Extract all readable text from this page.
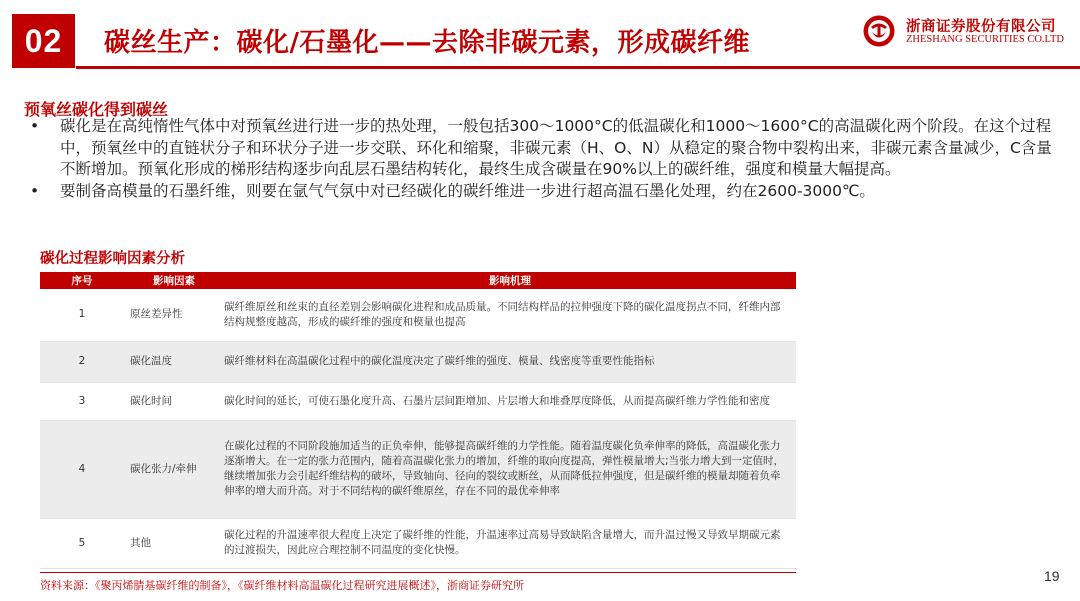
02	碳丝生产：碳化/石墨化——去除非碳元素，形成碳纤维
浙商证券股份有限公司
ZHESHANG SECURITIES CO.LTD
预氧丝碳化得到碳丝
• 碳化是在高纯惰性气体中对预氧丝进行进一步的热处理，一般包括300～1000°C的低温碳化和1000～1600°C的高温碳化两个阶段。在这个过程中，预氧丝中的直链状分子和环状分子进一步交联、环化和缩聚，非碳元素（H、O、N）从稳定的聚合物中裂构出来，非碳元素含量减少，C含量不断增加。预氧化形成的梯形结构逐步向乱层石墨结构转化，最终生成含碳量在90%以上的碳纤维，强度和模量大幅提高。
• 要制备高模量的石墨纤维，则要在氩气气氛中对已经碳化的碳纤维进一步进行超高温石墨化处理，约在2600-3000℃。
碳化过程影响因素分析
序号	影响因素	影响机理
1	原丝差异性	碳纤维原丝和丝束的直径差别会影响碳化进程和成品质量。不同结构样品的拉伸强度下降的碳化温度拐点不同，纤维内部结构规整度越高，形成的碳纤维的强度和模量也提高
2	碳化温度	碳纤维材料在高温碳化过程中的碳化温度决定了碳纤维的强度、模量、线密度等重要性能指标
3	碳化时间	碳化时间的延长，可使石墨化度升高、石墨片层间距增加、片层增大和堆叠厚度降低，从而提高碳纤维力学性能和密度
4	碳化张力/牵伸	在碳化过程的不同阶段施加适当的正负牵伸，能够提高碳纤维的力学性能。随着温度碳化负牵伸率的降低，高温碳化张力逐渐增大。在一定的张力范围内，随着高温碳化张力的增加，纤维的取向度提高，弹性模量增大;当张力增大到一定值时，继续增加张力会引起纤维结构的破坏，导致轴向、径向的裂纹或断丝，从而降低拉伸强度，但是碳纤维的模量却随着负牵伸率的增大而升高。对于不同结构的碳纤维原丝，存在不同的最优牵伸率
5	其他	碳化过程的升温速率很大程度上决定了碳纤维的性能，升温速率过高易导致缺陷含量增大，而升温过慢又导致早期碳元素的过渡损失，因此应合理控制不同温度的变化快慢。
资料来源：《聚丙烯腈基碳纤维的制备》，《碳纤维材料高温碳化过程研究进展概述》，浙商证券研究所
19
